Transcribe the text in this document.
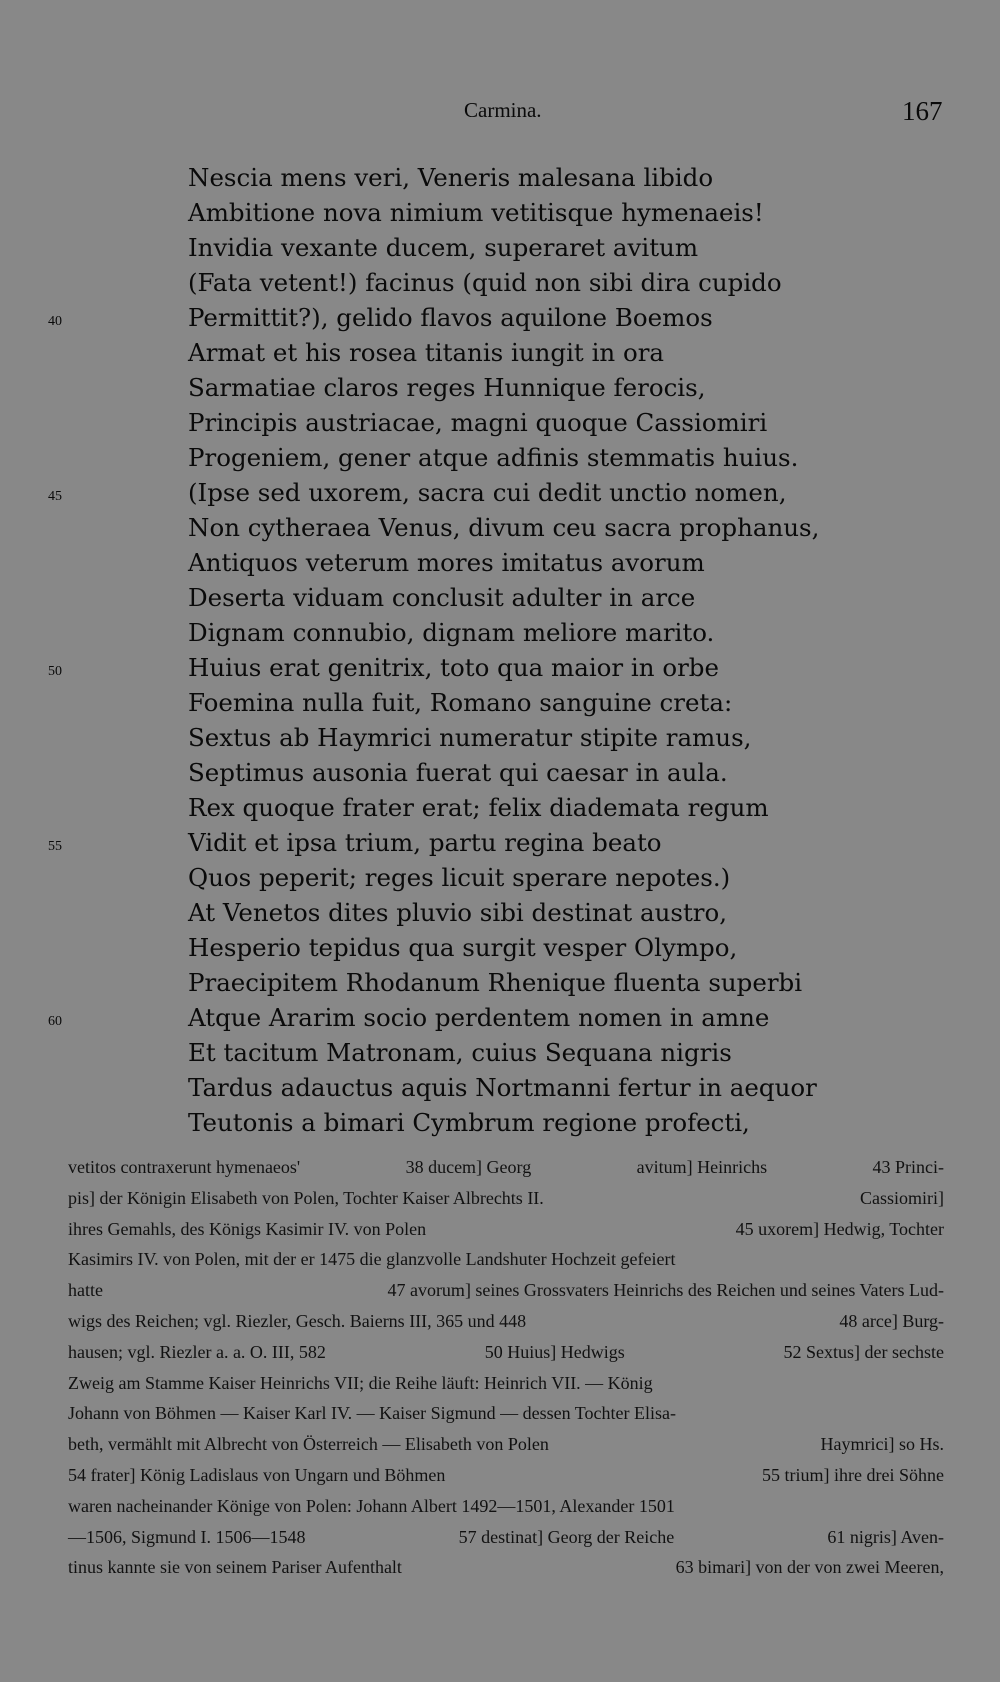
Carmina.	167
Nescia mens veri, Veneris malesana libido
Ambitione nova nimium vetitisque hymenaeis!
Invidia vexante ducem, superaret avitum
(Fata vetent!) facinus (quid non sibi dira cupido
40	Permittit?), gelido flavos aquilone Boemos
Armat et his rosea titanis iungit in ora
Sarmatiae claros reges Hunnique ferocis,
Principis austriacae, magni quoque Cassiomiri
Progeniem, gener atque adfinis stemmatis huius.
45	(Ipse sed uxorem, sacra cui dedit unctio nomen,
Non cytheraea Venus, divum ceu sacra prophanus,
Antiquos veterum mores imitatus avorum
Deserta viduam conclusit adulter in arce
Dignam connubio, dignam meliore marito.
50	Huius erat genitrix, toto qua maior in orbe
Foemina nulla fuit, Romano sanguine creta:
Sextus ab Haymrici numeratur stipite ramus,
Septimus ausonia fuerat qui caesar in aula.
Rex quoque frater erat; felix diademata regum
55	Vidit et ipsa trium, partu regina beato
Quos peperit; reges licuit sperare nepotes.)
At Venetos dites pluvio sibi destinat austro,
Hesperio tepidus qua surgit vesper Olympo,
Praecipitem Rhodanum Rhenique fluenta superbi
60	Atque Ararim socio perdentem nomen in amne
Et tacitum Matronam, cuius Sequana nigris
Tardus adauctus aquis Nortmanni fertur in aequor
Teutonis a bimari Cymbrum regione profecti,
vetitos contraxerunt hymenaeos'	38 ducem] Georg	avitum] Heinrichs	43 Princi-
pis] der Königin Elisabeth von Polen, Tochter Kaiser Albrechts II.	Cassiomiri]
ihres Gemahls, des Königs Kasimir IV. von Polen	45 uxorem] Hedwig, Tochter
Kasimirs IV. von Polen, mit der er 1475 die glanzvolle Landshuter Hochzeit gefeiert
hatte	47 avorum] seines Grossvaters Heinrichs des Reichen und seines Vaters Lud-
wigs des Reichen; vgl. Riezler, Gesch. Baierns III, 365 und 448	48 arce] Burg-
hausen; vgl. Riezler a. a. O. III, 582	50 Huius] Hedwigs	52 Sextus] der sechste
Zweig am Stamme Kaiser Heinrichs VII; die Reihe läuft: Heinrich VII. — König
Johann von Böhmen — Kaiser Karl IV. — Kaiser Sigmund — dessen Tochter Elisa-
beth, vermählt mit Albrecht von Österreich — Elisabeth von Polen	Haymrici] so Hs.
54 frater] König Ladislaus von Ungarn und Böhmen	55 trium] ihre drei Söhne
waren nacheinander Könige von Polen: Johann Albert 1492—1501, Alexander 1501
—1506, Sigmund I. 1506—1548	57 destinat] Georg der Reiche	61 nigris] Aven-
tinus kannte sie von seinem Pariser Aufenthalt	63 bimari] von der von zwei Meeren,
